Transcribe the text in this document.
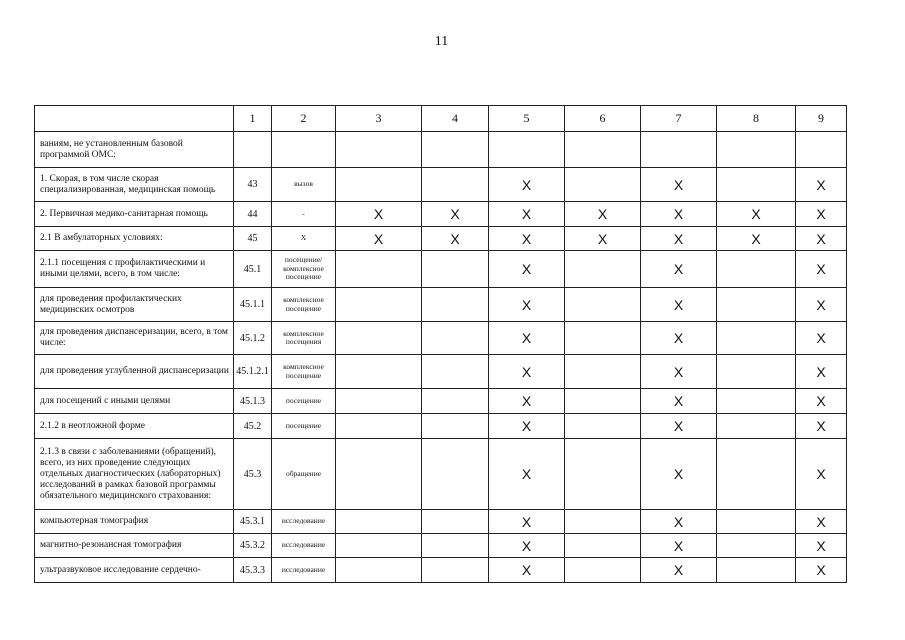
11
	1	2	3	4	5	6	7	8	9
ваниям, не установленным базовой программой ОМС:									
1. Скорая, в том числе скорая специализированная, медицинская помощь	43	вызов			X		X		X
2. Первичная медико-санитарная помощь	44	-	X	X	X	X	X	X	X
2.1 В амбулаторных условиях:	45	X	X	X	X	X	X	X	X
2.1.1 посещения с профилактическими и иными целями, всего, в том числе:	45.1	посещение/ комплексное посещение			X		X		X
для проведения профилактических медицинских осмотров	45.1.1	комплексное посещение			X		X		X
для проведения диспансеризации, всего, в том числе:	45.1.2	комплексное посещения			X		X		X
для проведения углубленной диспансеризации	45.1.2.1	комплексное посещение			X		X		X
для посещений с иными целями	45.1.3	посещение			X		X		X
2.1.2 в неотложной форме	45.2	посещение			X		X		X
2.1.3 в связи с заболеваниями (обращений), всего, из них проведение следующих отдельных диагностических (лабораторных) исследований в рамках базовой программы обязательного медицинского страхования:	45.3	обращение			X		X		X
компьютерная томография	45.3.1	исследование			X		X		X
магнитно-резонансная томография	45.3.2	исследование			X		X		X
ультразвуковое исследование сердечно-	45.3.3	исследование			X		X		X
